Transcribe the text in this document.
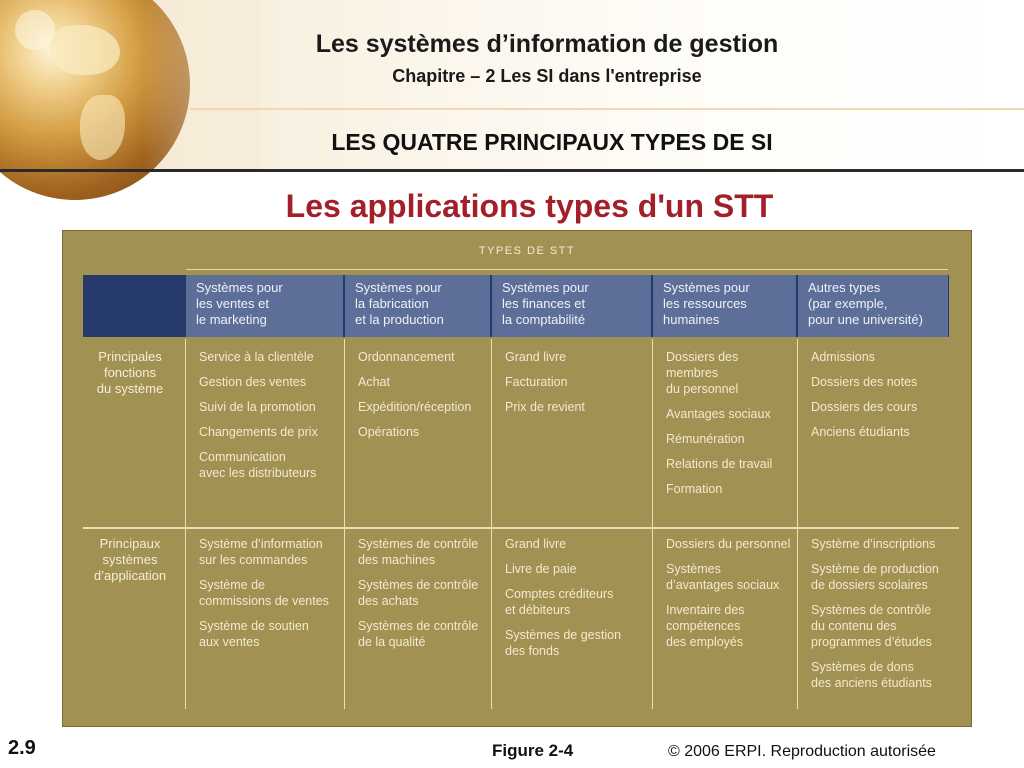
Les systèmes d’information de gestion
Chapitre – 2 Les SI dans l'entreprise
LES QUATRE PRINCIPAUX TYPES DE SI
Les applications types d'un STT
TYPES DE STT
Systèmes pour
les ventes et
le marketing
Systèmes pour
la fabrication
et la production
Systèmes pour
les finances et
la comptabilité
Systèmes pour
les ressources
humaines
Autres types
(par exemple,
pour une université)
Principales
fonctions
du système
Service à la clientèle
Gestion des ventes
Suivi de la promotion
Changements de prix
Communication
avec les distributeurs
Ordonnancement
Achat
Expédition/réception
Opérations
Grand livre
Facturation
Prix de revient
Dossiers des
membres
du personnel
Avantages sociaux
Rémunération
Relations de travail
Formation
Admissions
Dossiers des notes
Dossiers des cours
Anciens étudiants
Principaux
systèmes
d’application
Système d’information
sur les commandes
Système de
commissions de ventes
Système de soutien
aux ventes
Systèmes de contrôle
des machines
Systèmes de contrôle
des achats
Systèmes de contrôle
de la qualité
Grand livre
Livre de paie
Comptes créditeurs
et débiteurs
Systèmes de gestion
des fonds
Dossiers du personnel
Systèmes
d’avantages sociaux
Inventaire des
compétences
des employés
Système d’inscriptions
Système de production
de dossiers scolaires
Systèmes de contrôle
du contenu des
programmes d’études
Systèmes de dons
des anciens étudiants
2.9	Figure 2-4	© 2006 ERPI. Reproduction autorisée
